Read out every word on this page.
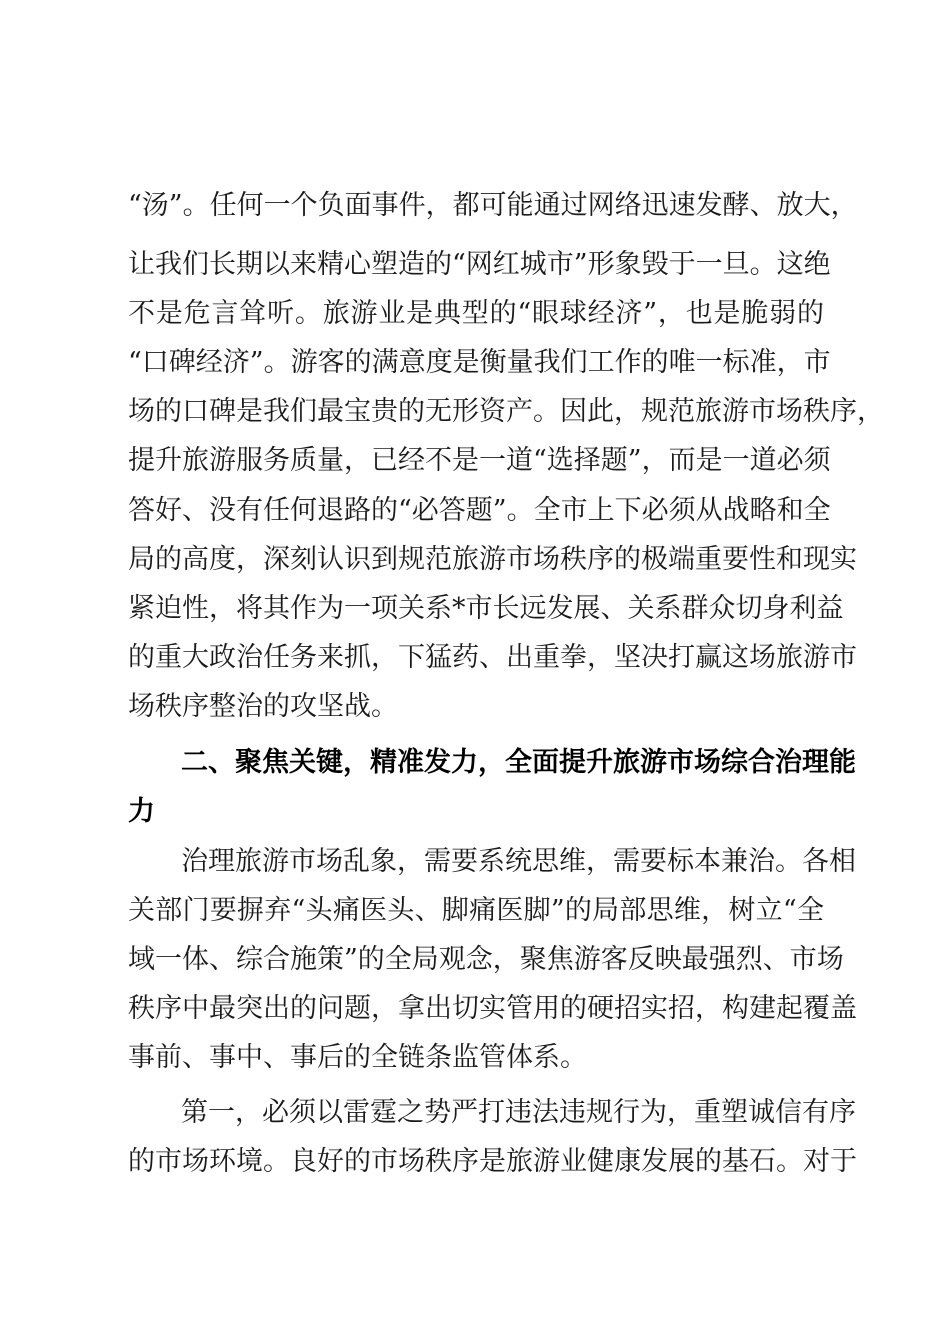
“汤”。任何一个负面事件，都可能通过网络迅速发酵、放大，
让我们长期以来精心塑造的“网红城市”形象毁于一旦。这绝
不是危言耸听。旅游业是典型的“眼球经济”，也是脆弱的
“口碑经济”。游客的满意度是衡量我们工作的唯一标准，市
场的口碑是我们最宝贵的无形资产。因此，规范旅游市场秩序，
提升旅游服务质量，已经不是一道“选择题”，而是一道必须
答好、没有任何退路的“必答题”。全市上下必须从战略和全
局的高度，深刻认识到规范旅游市场秩序的极端重要性和现实
紧迫性，将其作为一项关系*市长远发展、关系群众切身利益
的重大政治任务来抓，下猛药、出重拳，坚决打赢这场旅游市
场秩序整治的攻坚战。
二、聚焦关键，精准发力，全面提升旅游市场综合治理能
力
治理旅游市场乱象，需要系统思维，需要标本兼治。各相
关部门要摒弃“头痛医头、脚痛医脚”的局部思维，树立“全
域一体、综合施策”的全局观念，聚焦游客反映最强烈、市场
秩序中最突出的问题，拿出切实管用的硬招实招，构建起覆盖
事前、事中、事后的全链条监管体系。
第一，必须以雷霆之势严打违法违规行为，重塑诚信有序
的市场环境。良好的市场秩序是旅游业健康发展的基石。对于
